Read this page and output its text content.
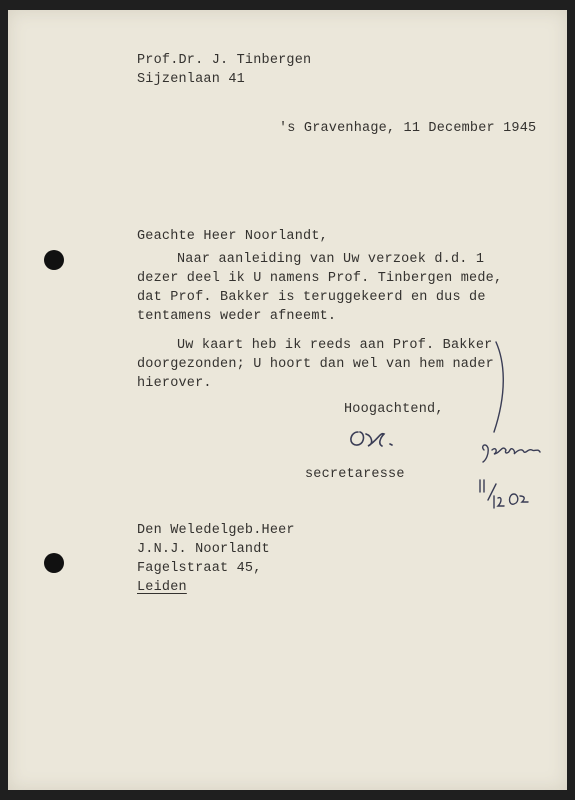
Prof.Dr. J. Tinbergen
Sijzenlaan 41
's Gravenhage, 11 December 1945
Geachte Heer Noorlandt,
Naar aanleiding van Uw verzoek d.d. 1
dezer deel ik U namens Prof. Tinbergen mede,
dat Prof. Bakker is teruggekeerd en dus de
tentamens weder afneemt.
Uw kaart heb ik reeds aan Prof. Bakker
doorgezonden; U hoort dan wel van hem nader
hierover.
Hoogachtend,
secretaresse
Den Weledelgeb.Heer
J.N.J. Noorlandt
Fagelstraat 45,
Leiden
